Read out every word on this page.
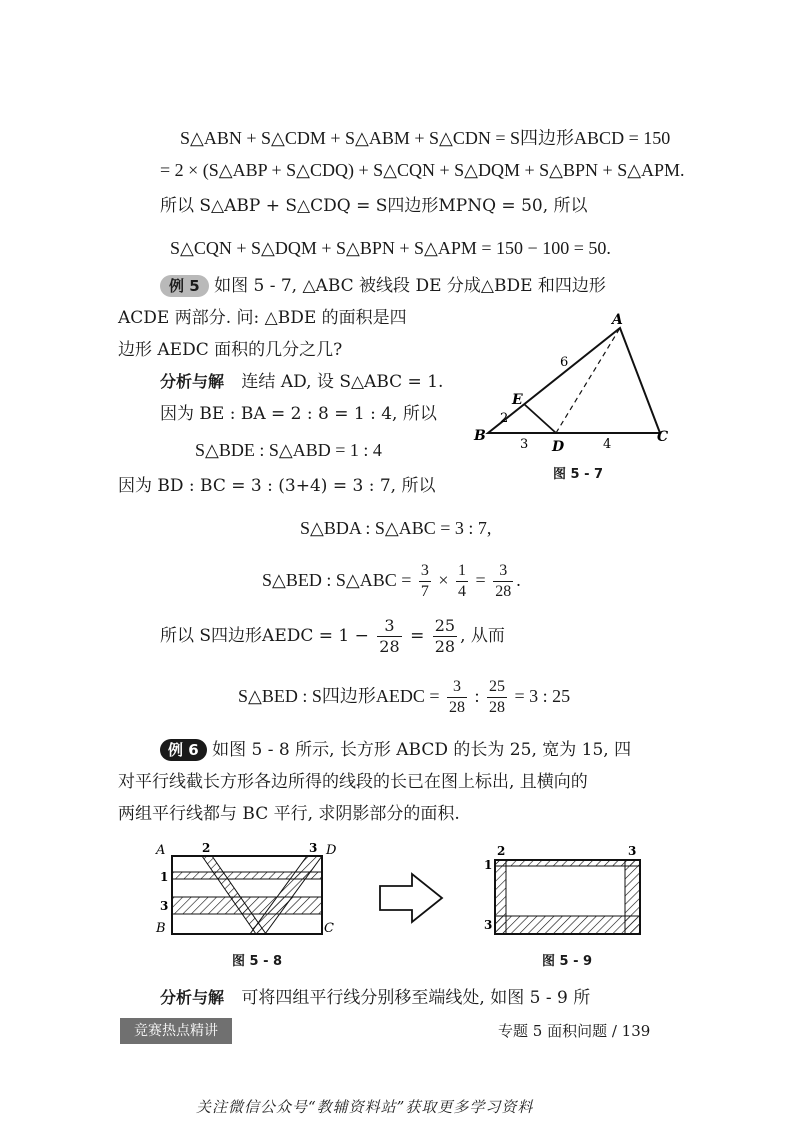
S△ABN + S△CDM + S△ABM + S△CDN = S四边形ABCD = 150
= 2 × (S△ABP + S△CDQ) + S△CQN + S△DQM + S△BPN + S△APM.
所以 S△ABP + S△CDQ = S四边形MPNQ = 50, 所以
S△CQN + S△DQM + S△BPN + S△APM = 150 − 100 = 50.
例 5 如图 5 - 7, △ABC 被线段 DE 分成△BDE 和四边形
ACDE 两部分. 问: △BDE 的面积是四
边形 AEDC 面积的几分之几?
分析与解 连结 AD, 设 S△ABC = 1.
因为 BE : BA = 2 : 8 = 1 : 4, 所以
S△BDE : S△ABD = 1 : 4
因为 BD : BC = 3 : (3+4) = 3 : 7, 所以
S△BDA : S△ABC = 3 : 7,
S△BED : S△ABC = $\frac{3}{7} \times \frac{1}{4} = \frac{3}{28}$ .
所以 S四边形AEDC = $1 - \frac{3}{28} = \frac{25}{28}$ , 从而
S△BED : S四边形AEDC = $\frac{3}{28}$ : $\frac{25}{28} = 3$ : 25
A
B	C
D
E
6
2
3	4
图 5 - 7
例 6 如图 5 - 8 所示, 长方形 ABCD 的长为 25, 宽为 15, 四
对平行线截长方形各边所得的线段的长已在图上标出, 且横向的
两组平行线都与 BC 平行, 求阴影部分的面积.
A
B	C
D
2	3
1
3
2	3
1
3
图 5 - 8	图 5 - 9
分析与解 可将四组平行线分别移至端线处, 如图 5 - 9 所
竞赛热点精讲	专题 5 面积问题 / 139
关注微信公众号“教辅资料站”获取更多学习资料
